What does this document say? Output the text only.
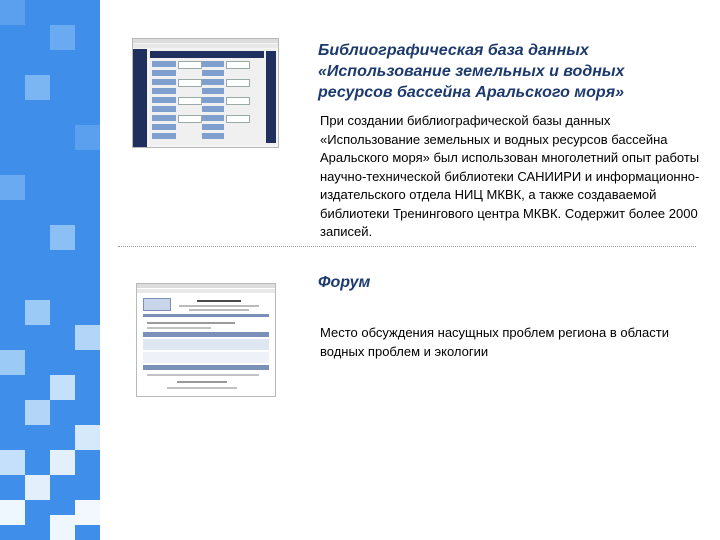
Библиографическая база данных «Использование земельных и водных ресурсов бассейна Аральского моря»

При создании библиографической базы данных «Использование земельных и водных ресурсов бассейна Аральского моря» был использован многолетний опыт работы научно-технической библиотеки САНИИРИ и информационно-издательского отдела НИЦ МКВК, а также создаваемой библиотеки Тренингового центра МКВК. Содержит более 2000 записей.

Форум

Место обсуждения насущных проблем региона в области водных проблем и экологии
